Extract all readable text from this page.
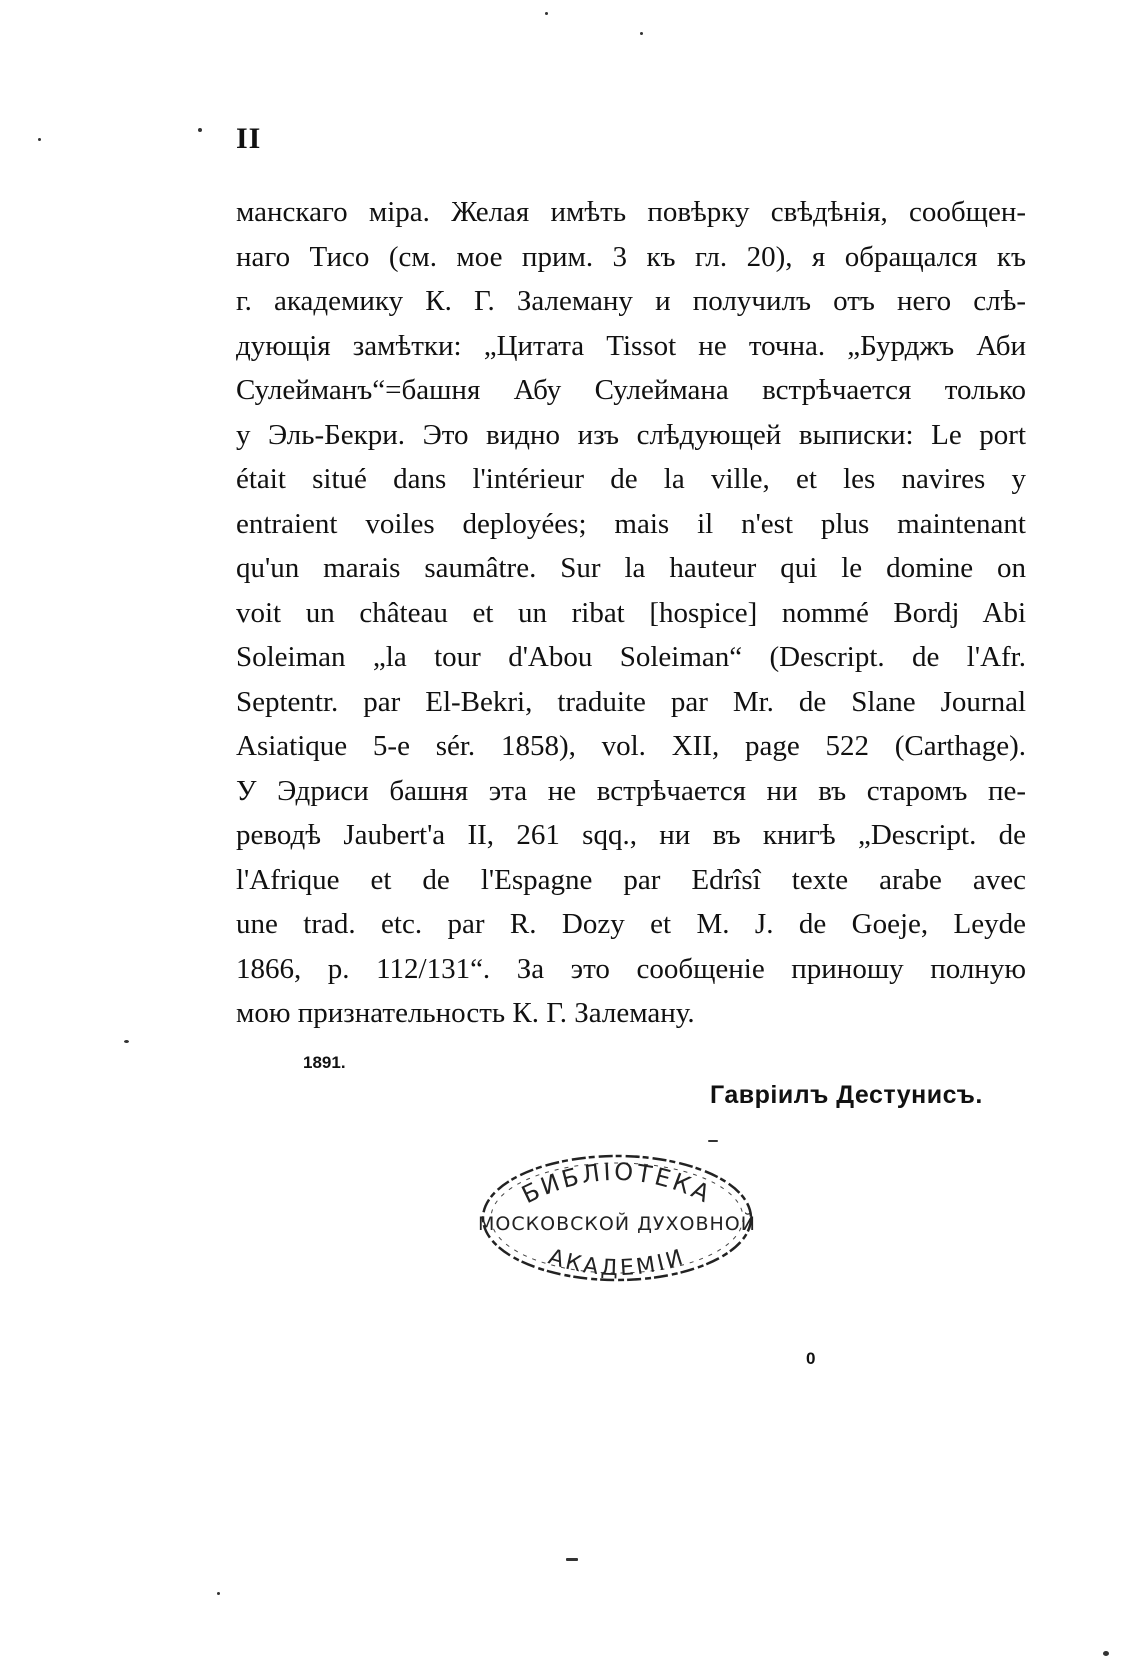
II
манскаго міра. Желая имѣть повѣрку свѣдѣнія, сообщен-
наго Тисо (см. мое прим. 3 къ гл. 20), я обращался къ
г. академику К. Г. Залеману и получилъ отъ него слѣ-
дующія замѣтки: „Цитата Tissot не точна. „Бурджъ Аби
Сулейманъ“=башня Абу Сулеймана встрѣчается только
у Эль-Бекри. Это видно изъ слѣдующей выписки: Le port
était situé dans l'intérieur de la ville, et les navires y
entraient voiles deployées; mais il n'est plus maintenant
qu'un marais saumâtre. Sur la hauteur qui le domine on
voit un château et un ribat [hospice] nommé Bordj Abi
Soleiman „la tour d'Abou Soleiman“ (Descript. de l'Afr.
Septentr. par El-Bekri, traduite par Mr. de Slane Journal
Asiatique 5-e sér. 1858), vol. XII, page 522 (Carthage).
У Эдриси башня эта не встрѣчается ни въ старомъ пе-
реводѣ Jaubert'a II, 261 sqq., ни въ книгѣ „Descript. de
l'Afrique et de l'Espagne par Edrîsî texte arabe avec
une trad. etc. par R. Dozy et M. J. de Goeje, Leyde
1866, p. 112/131“. За это сообщеніе приношу полную
мою признательность К. Г. Залеману.
1891.
Гавріилъ Дестунисъ.
БИБЛІОТЕКА
МОСКОВСКОЙ ДУХОВНОЙ
АКАДЕМІИ
0
